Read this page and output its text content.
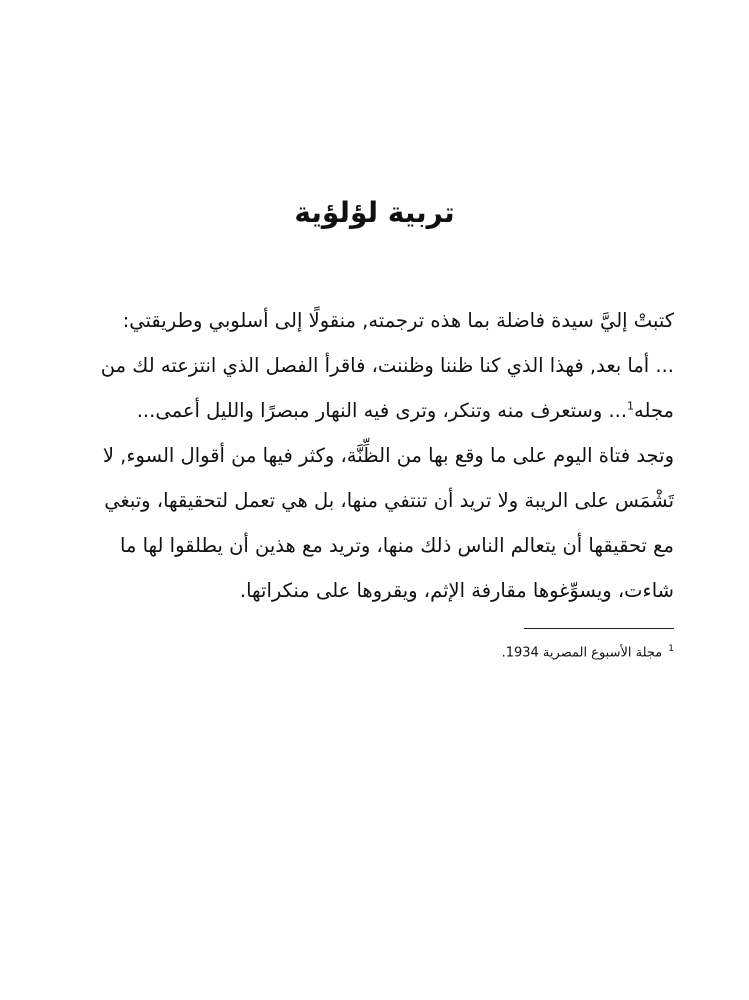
تربية لؤلؤية
كتبتْ إليَّ سيدة فاضلة بما هذه ترجمته, منقولًا إلى أسلوبي وطريقتي:
... أما بعد, فهذا الذي كنا ظننا وظننت، فاقرأ الفصل الذي انتزعته لك من
مجله$^1$... وستعرف منه وتنكر، وترى فيه النهار مبصرًا والليل أعمى...
وتجد فتاة اليوم على ما وقع بها من الظِّنَّة، وكثر فيها من أقوال السوء, لا
تَشْمَس على الريبة ولا تريد أن تنتفي منها، بل هي تعمل لتحقيقها، وتبغي
مع تحقيقها أن يتعالم الناس ذلك منها، وتريد مع هذين أن يطلقوا لها ما
شاءت، ويسوِّغوها مقارفة الإثم، ويقروها على منكراتها.

$^1$مجلة الأسبوع المصرية 1934.
